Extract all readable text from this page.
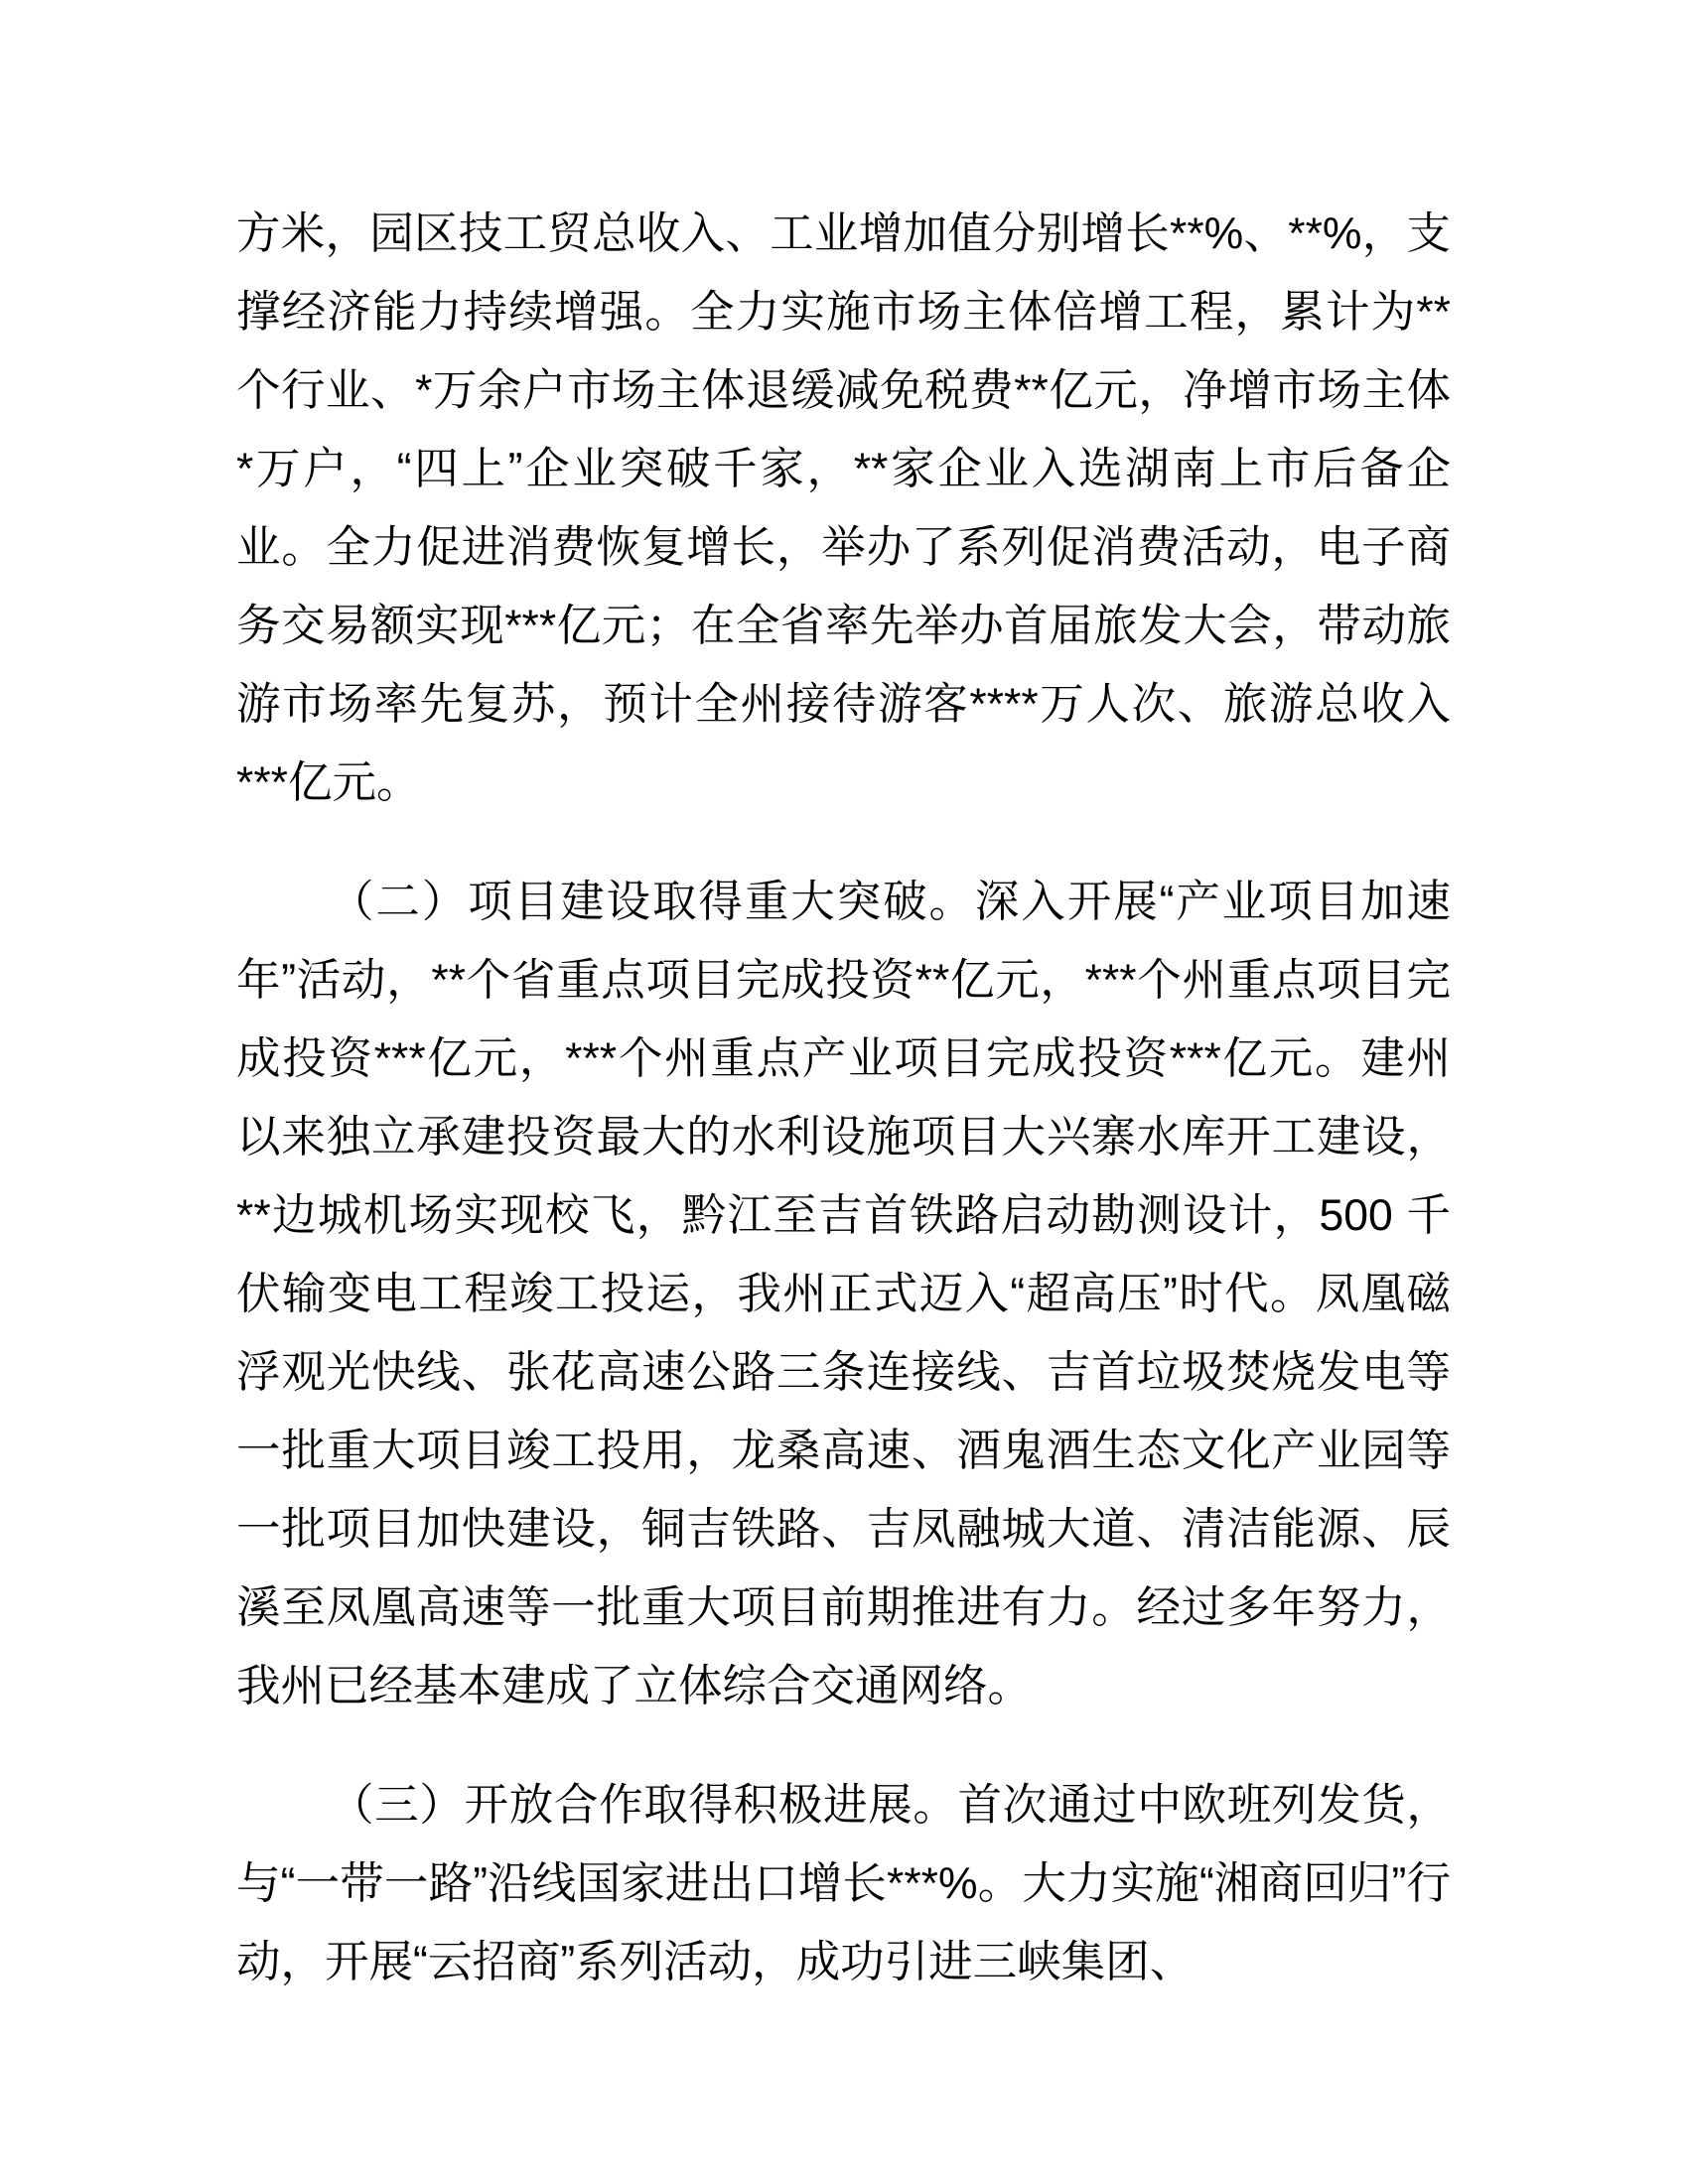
方米，园区技工贸总收入、工业增加值分别增长**%、**%，支撑经济能力持续增强。全力实施市场主体倍增工程，累计为**个行业、*万余户市场主体退缓减免税费**亿元，净增市场主体*万户，“四上”企业突破千家，**家企业入选湖南上市后备企业。全力促进消费恢复增长，举办了系列促消费活动，电子商务交易额实现***亿元；在全省率先举办首届旅发大会，带动旅游市场率先复苏，预计全州接待游客****万人次、旅游总收入***亿元。

（二）项目建设取得重大突破。深入开展“产业项目加速年”活动，**个省重点项目完成投资**亿元，***个州重点项目完成投资***亿元，***个州重点产业项目完成投资***亿元。建州以来独立承建投资最大的水利设施项目大兴寨水库开工建设，**边城机场实现校飞，黔江至吉首铁路启动勘测设计，500 千伏输变电工程竣工投运，我州正式迈入“超高压”时代。凤凰磁浮观光快线、张花高速公路三条连接线、吉首垃圾焚烧发电等一批重大项目竣工投用，龙桑高速、酒鬼酒生态文化产业园等一批项目加快建设，铜吉铁路、吉凤融城大道、清洁能源、辰溪至凤凰高速等一批重大项目前期推进有力。经过多年努力，我州已经基本建成了立体综合交通网络。

（三）开放合作取得积极进展。首次通过中欧班列发货，与“一带一路”沿线国家进出口增长***%。大力实施“湘商回归”行动，开展“云招商”系列活动，成功引进三峡集团、
